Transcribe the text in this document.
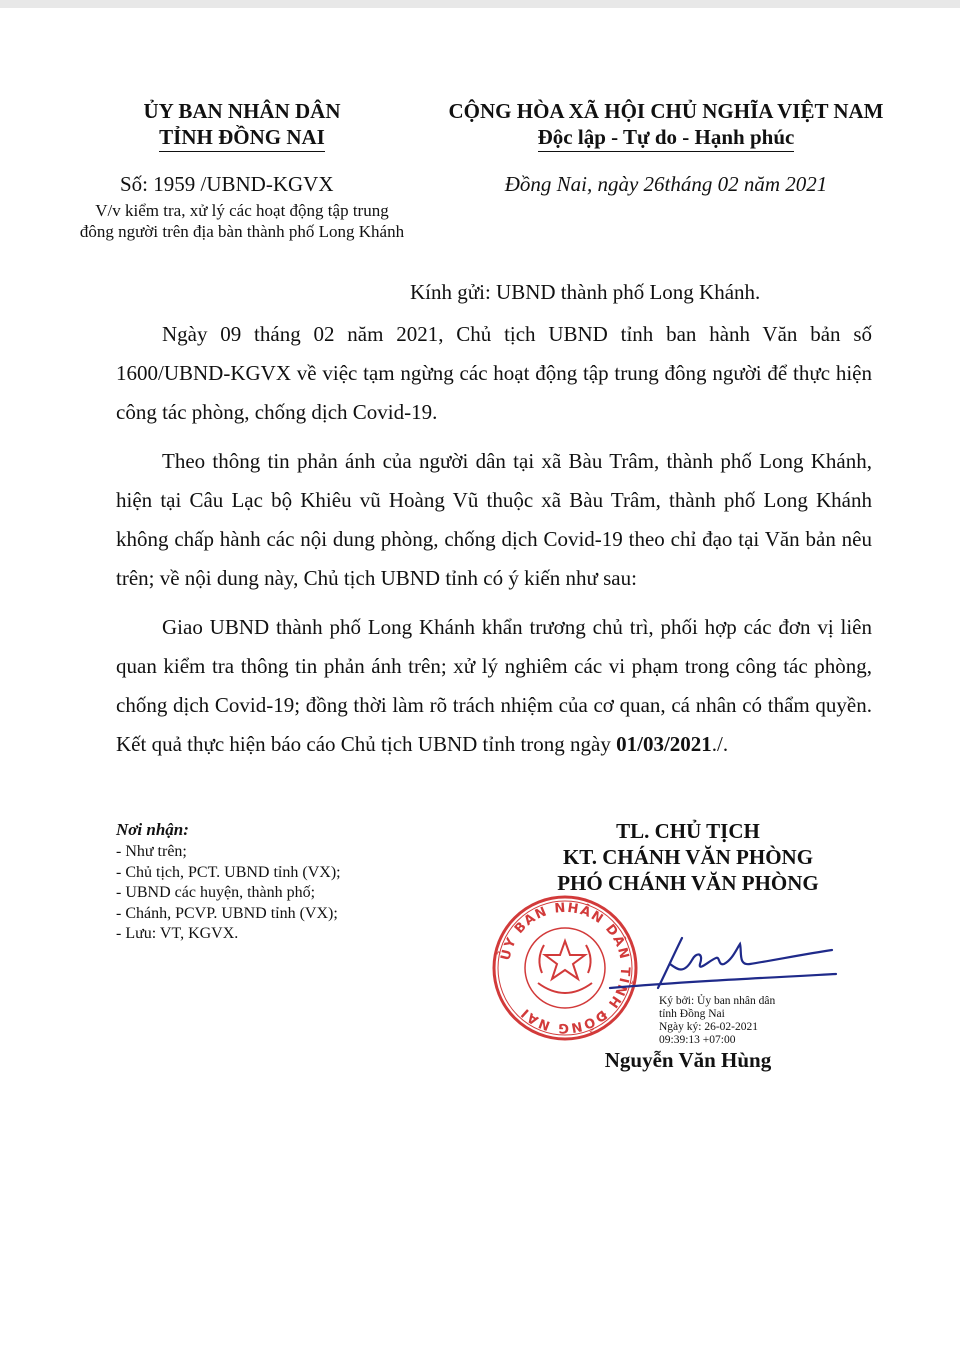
ỦY BAN NHÂN DÂN
TỈNH ĐỒNG NAI
Số: 1959 /UBND-KGVX
V/v kiểm tra, xử lý các hoạt động tập trung
đông người trên địa bàn thành phố Long Khánh
CỘNG HÒA XÃ HỘI CHỦ NGHĨA VIỆT NAM
Độc lập - Tự do - Hạnh phúc
Đồng Nai, ngày 26tháng 02 năm 2021
Kính gửi: UBND thành phố Long Khánh.
Ngày 09 tháng 02 năm 2021, Chủ tịch UBND tỉnh ban hành Văn bản số 1600/UBND-KGVX về việc tạm ngừng các hoạt động tập trung đông người để thực hiện công tác phòng, chống dịch Covid-19.
Theo thông tin phản ánh của người dân tại xã Bàu Trâm, thành phố Long Khánh, hiện tại Câu Lạc bộ Khiêu vũ Hoàng Vũ thuộc xã Bàu Trâm, thành phố Long Khánh không chấp hành các nội dung phòng, chống dịch Covid-19 theo chỉ đạo tại Văn bản nêu trên; về nội dung này, Chủ tịch UBND tỉnh có ý kiến như sau:
Giao UBND thành phố Long Khánh khẩn trương chủ trì, phối hợp các đơn vị liên quan kiểm tra thông tin phản ánh trên; xử lý nghiêm các vi phạm trong công tác phòng, chống dịch Covid-19; đồng thời làm rõ trách nhiệm của cơ quan, cá nhân có thẩm quyền. Kết quả thực hiện báo cáo Chủ tịch UBND tỉnh trong ngày 01/03/2021./.
Nơi nhận:
- Như trên;
- Chủ tịch, PCT. UBND tỉnh (VX);
- UBND các huyện, thành phố;
- Chánh, PCVP. UBND tỉnh (VX);
- Lưu: VT, KGVX.
TL. CHỦ TỊCH
KT. CHÁNH VĂN PHÒNG
PHÓ CHÁNH VĂN PHÒNG
ỦY BAN NHÂN DÂN TỈNH ĐỒNG NAI
Ký bởi: Ủy ban nhân dân
tỉnh Đồng Nai
Ngày ký: 26-02-2021
09:39:13 +07:00
Nguyễn Văn Hùng
